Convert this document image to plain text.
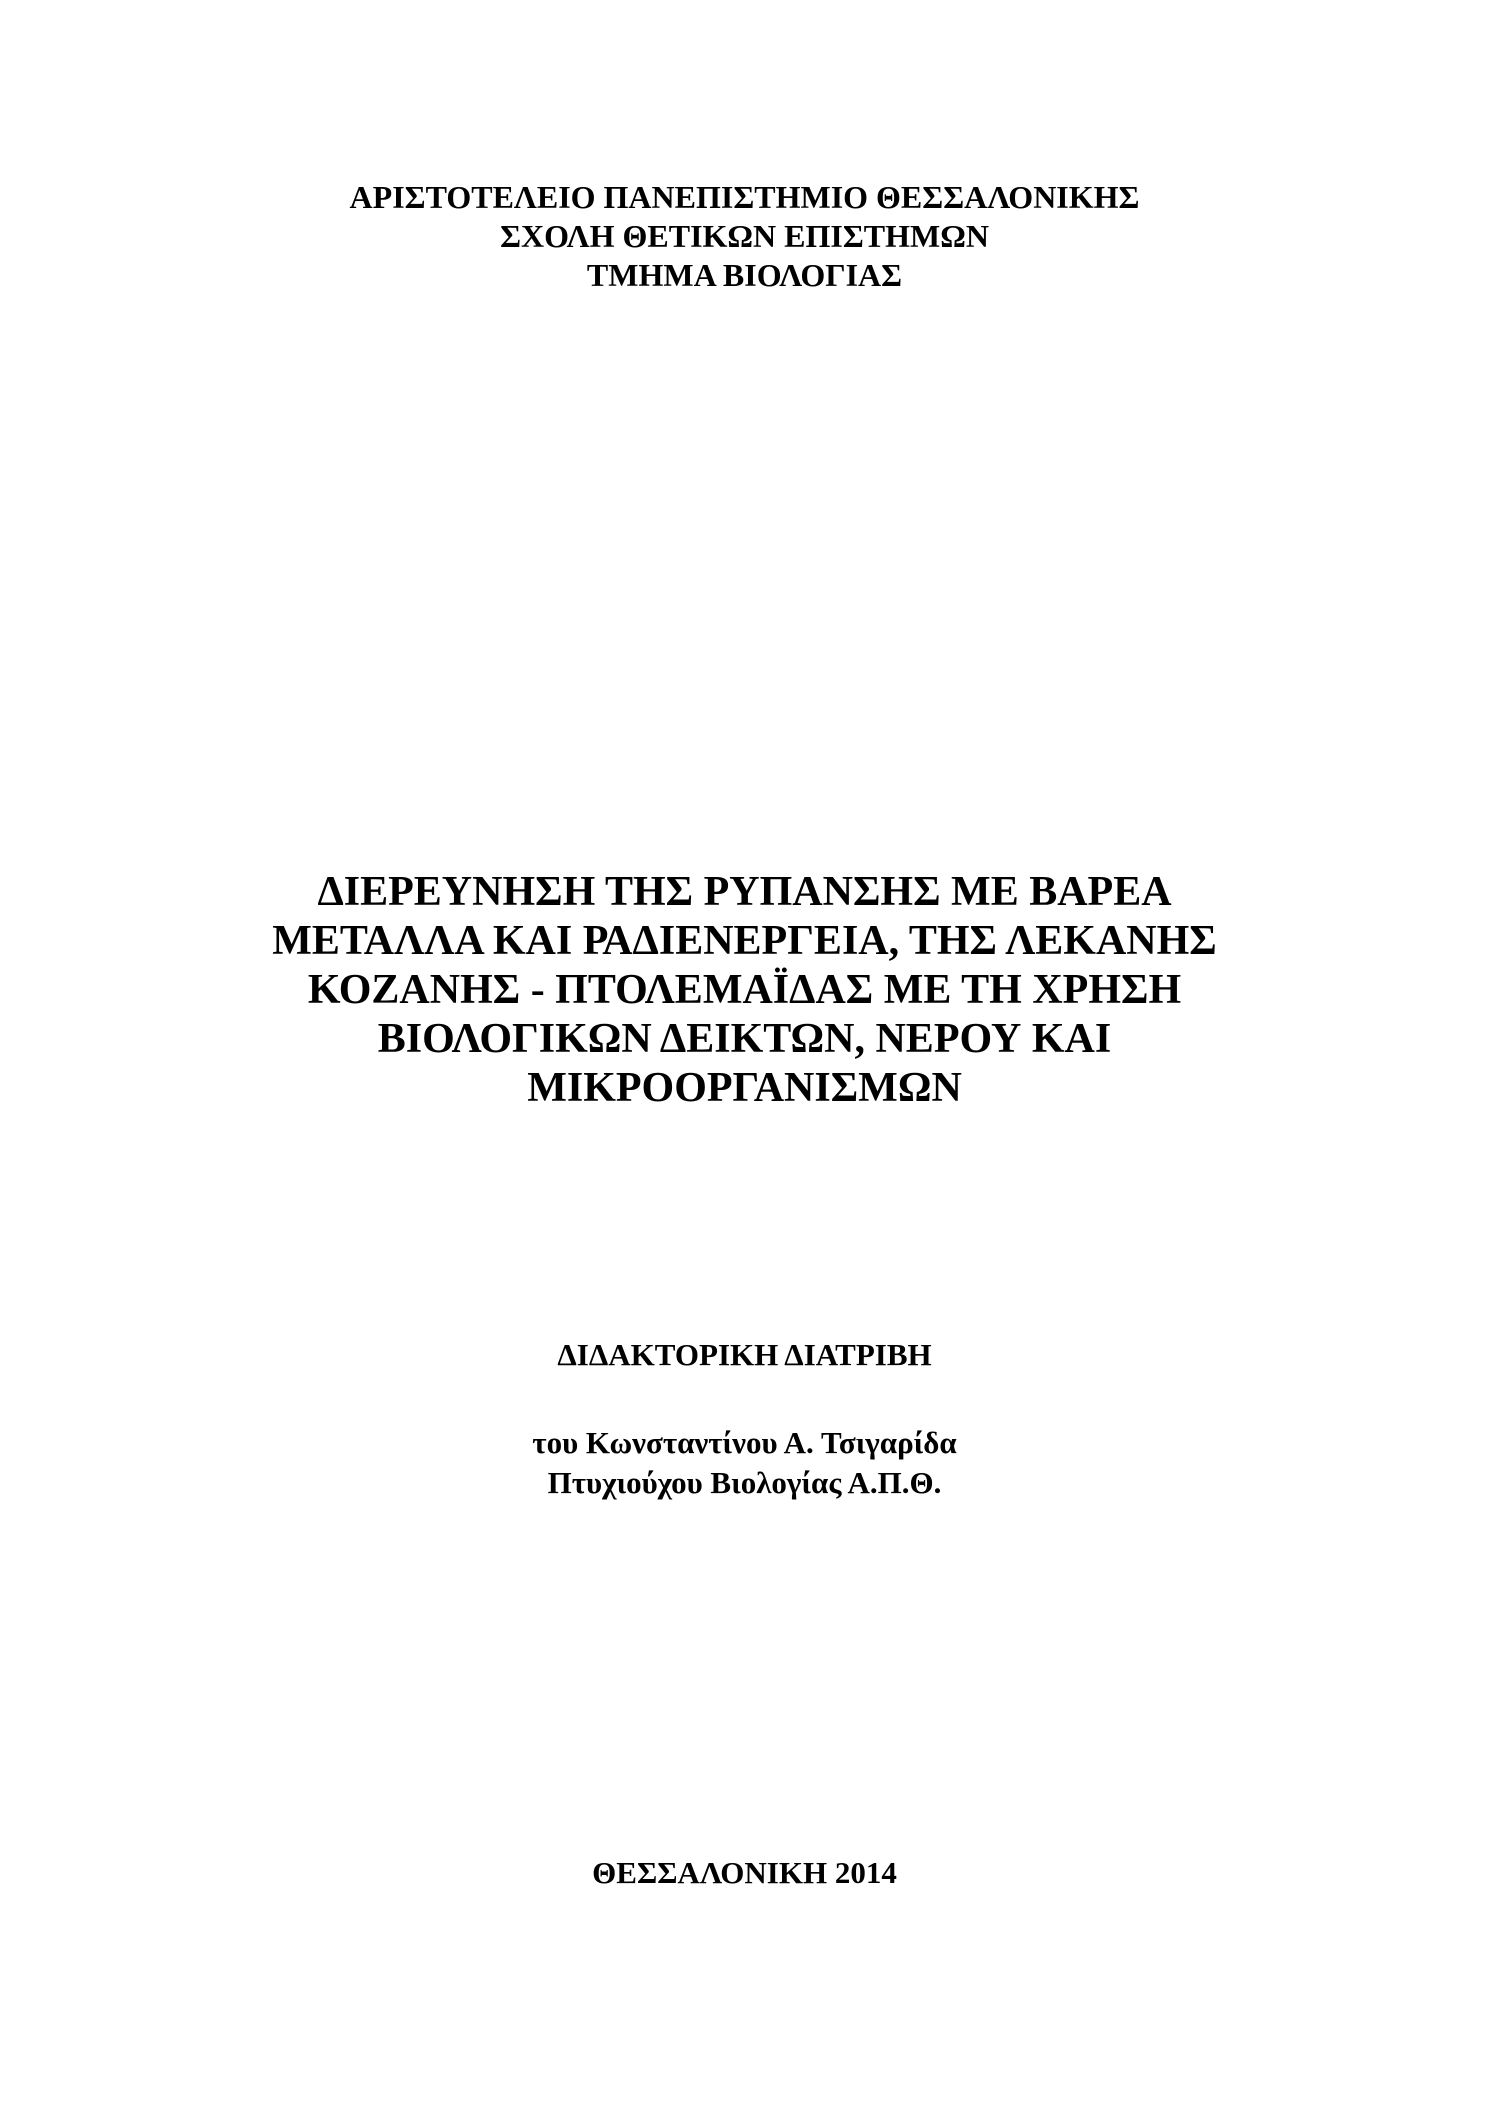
ΑΡΙΣΤΟΤΕΛΕΙΟ ΠΑΝΕΠΙΣΤΗΜΙΟ ΘΕΣΣΑΛΟΝΙΚΗΣ
ΣΧΟΛΗ ΘΕΤΙΚΩΝ ΕΠΙΣΤΗΜΩΝ
ΤΜΗΜΑ ΒΙΟΛΟΓΙΑΣ
ΔΙΕΡΕΥΝΗΣΗ ΤΗΣ ΡΥΠΑΝΣΗΣ ΜΕ ΒΑΡΕΑ
ΜΕΤΑΛΛΑ ΚΑΙ ΡΑΔΙΕΝΕΡΓΕΙΑ, ΤΗΣ ΛΕΚΑΝΗΣ
ΚΟΖΑΝΗΣ - ΠΤΟΛΕΜΑΪΔΑΣ ΜΕ ΤΗ ΧΡΗΣΗ
ΒΙΟΛΟΓΙΚΩΝ ΔΕΙΚΤΩΝ, ΝΕΡΟΥ ΚΑΙ
ΜΙΚΡΟΟΡΓΑΝΙΣΜΩΝ
ΔΙΔΑΚΤΟΡΙΚΗ ΔΙΑΤΡΙΒΗ
του Κωνσταντίνου Α. Τσιγαρίδα
Πτυχιούχου Βιολογίας Α.Π.Θ.
ΘΕΣΣΑΛΟΝΙΚΗ 2014
